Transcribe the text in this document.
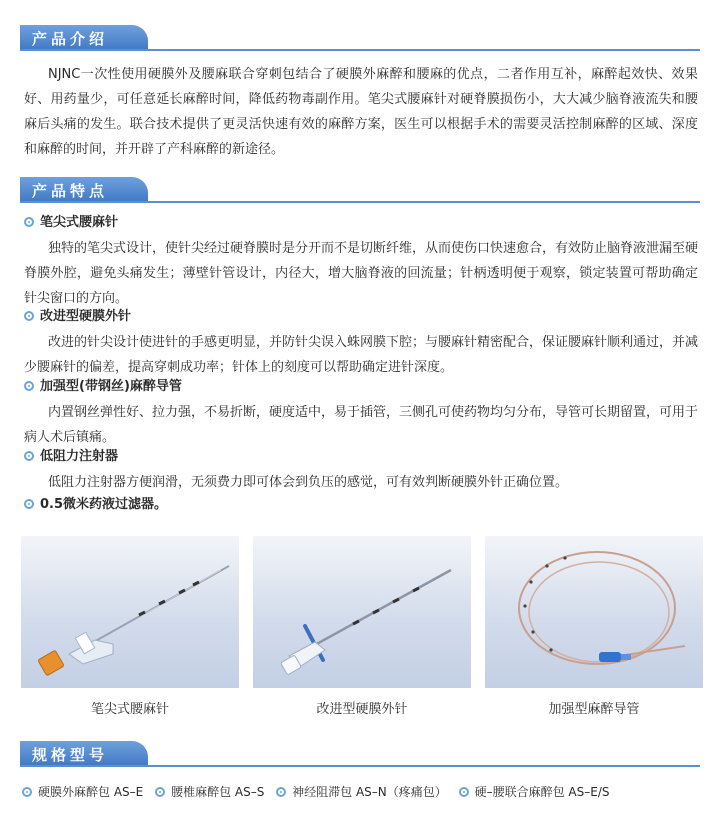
产品介绍

NJNC一次性使用硬膜外及腰麻联合穿刺包结合了硬膜外麻醉和腰麻的优点，二者作用互补，麻醉起效快、效果好、用药量少，可任意延长麻醉时间，降低药物毒副作用。笔尖式腰麻针对硬脊膜损伤小，大大减少脑脊液流失和腰麻后头痛的发生。联合技术提供了更灵活快速有效的麻醉方案，医生可以根据手术的需要灵活控制麻醉的区域、深度和麻醉的时间，并开辟了产科麻醉的新途径。

产品特点
笔尖式腰麻针

独特的笔尖式设计，使针尖经过硬脊膜时是分开而不是切断纤维，从而使伤口快速愈合，有效防止脑脊液泄漏至硬脊膜外腔，避免头痛发生；薄壁针管设计，内径大，增大脑脊液的回流量；针柄透明便于观察，锁定装置可帮助确定针尖窗口的方向。

改进型硬膜外针

改进的针尖设计使进针的手感更明显，并防针尖误入蛛网膜下腔；与腰麻针精密配合，保证腰麻针顺利通过，并减少腰麻针的偏差，提高穿刺成功率；针体上的刻度可以帮助确定进针深度。

加强型(带钢丝)麻醉导管

内置钢丝弹性好、拉力强，不易折断，硬度适中，易于插管，三侧孔可使药物均匀分布，导管可长期留置，可用于病人术后镇痛。

低阻力注射器

低阻力注射器方便润滑，无须费力即可体会到负压的感觉，可有效判断硬膜外针正确位置。

0.5微米药液过滤器。
笔尖式腰麻针	改进型硬膜外针	加强型麻醉导管
规格型号
硬膜外麻醉包 AS–E 腰椎麻醉包 AS–S 神经阻滞包 AS–N（疼痛包） 硬–腰联合麻醉包 AS–E/S
